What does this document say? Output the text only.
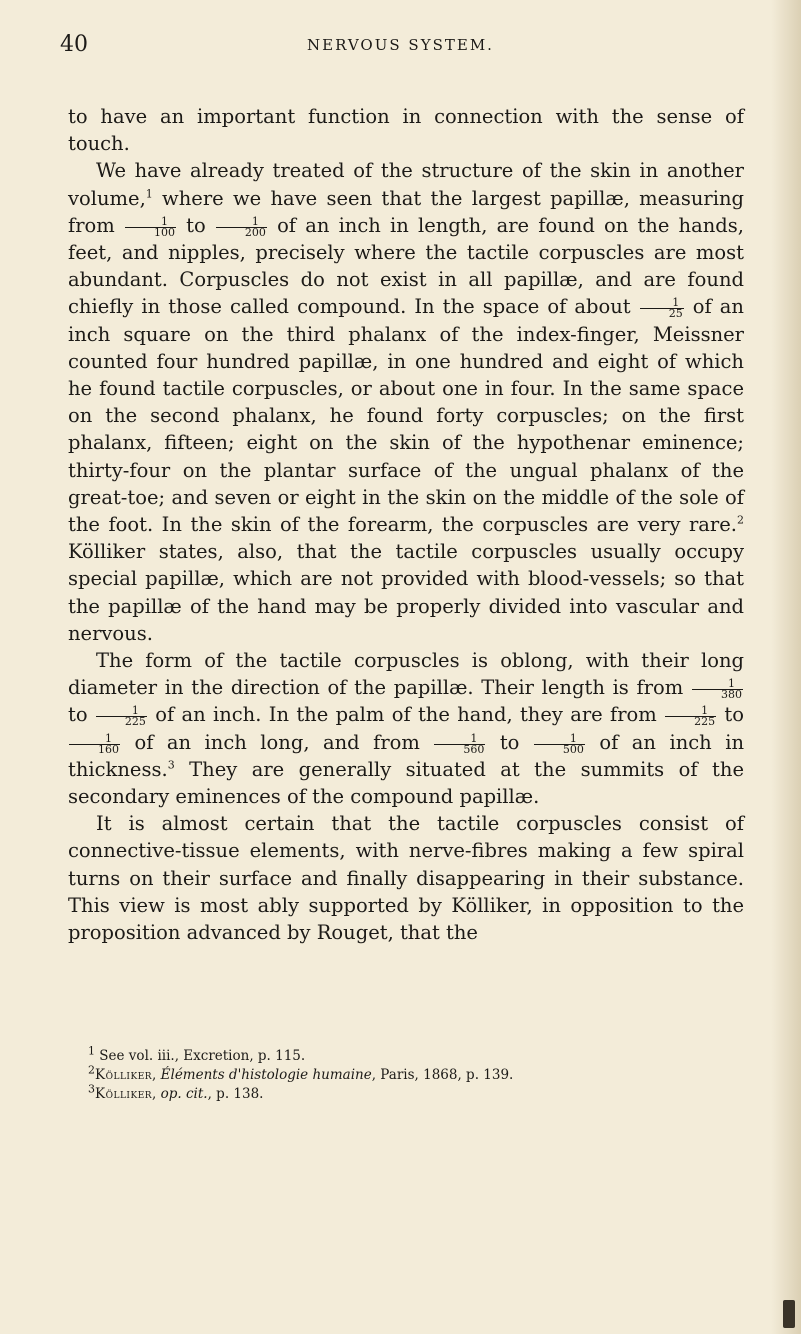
40	NERVOUS SYSTEM.

to have an important function in connection with the sense of touch.

We have already treated of the structure of the skin in another volume,$^1$ where we have seen that the largest papillæ, measuring from $\frac{1}{100}$ to $\frac{1}{200}$ of an inch in length, are found on the hands, feet, and nipples, precisely where the tactile corpuscles are most abundant. Corpuscles do not exist in all papillæ, and are found chiefly in those called compound. In the space of about $\frac{1}{25}$ of an inch square on the third phalanx of the index-finger, Meissner counted four hundred papillæ, in one hundred and eight of which he found tactile corpuscles, or about one in four. In the same space on the second phalanx, he found forty corpuscles; on the first phalanx, fifteen; eight on the skin of the hypothenar eminence; thirty-four on the plantar surface of the ungual phalanx of the great-toe; and seven or eight in the skin on the middle of the sole of the foot. In the skin of the forearm, the corpuscles are very rare.$^2$ Kölliker states, also, that the tactile corpuscles usually occupy special papillæ, which are not provided with blood-vessels; so that the papillæ of the hand may be properly divided into vascular and nervous.

The form of the tactile corpuscles is oblong, with their long diameter in the direction of the papillæ. Their length is from $\frac{1}{380}$
to $\frac{1}{225}$ of an inch. In the palm of the hand, they are from $\frac{1}{225}$ to
$\frac{1}{160}$ of an inch long, and from $\frac{1}{560}$ to $\frac{1}{500}$ of an inch in thickness.$^3$ They are generally situated at the summits of the secondary eminences of the compound papillæ.

It is almost certain that the tactile corpuscles consist of connective-tissue elements, with nerve-fibres making a few spiral turns on their surface and finally disappearing in their substance. This view is most ably supported by Kölliker, in opposition to the proposition advanced by Rouget, that the

$^1$ See vol. iii., Excretion, p. 115.

$^2$Kölliker, Éléments d'histologie humaine, Paris, 1868, p. 139.

$^3$Kölliker, op. cit., p. 138.
